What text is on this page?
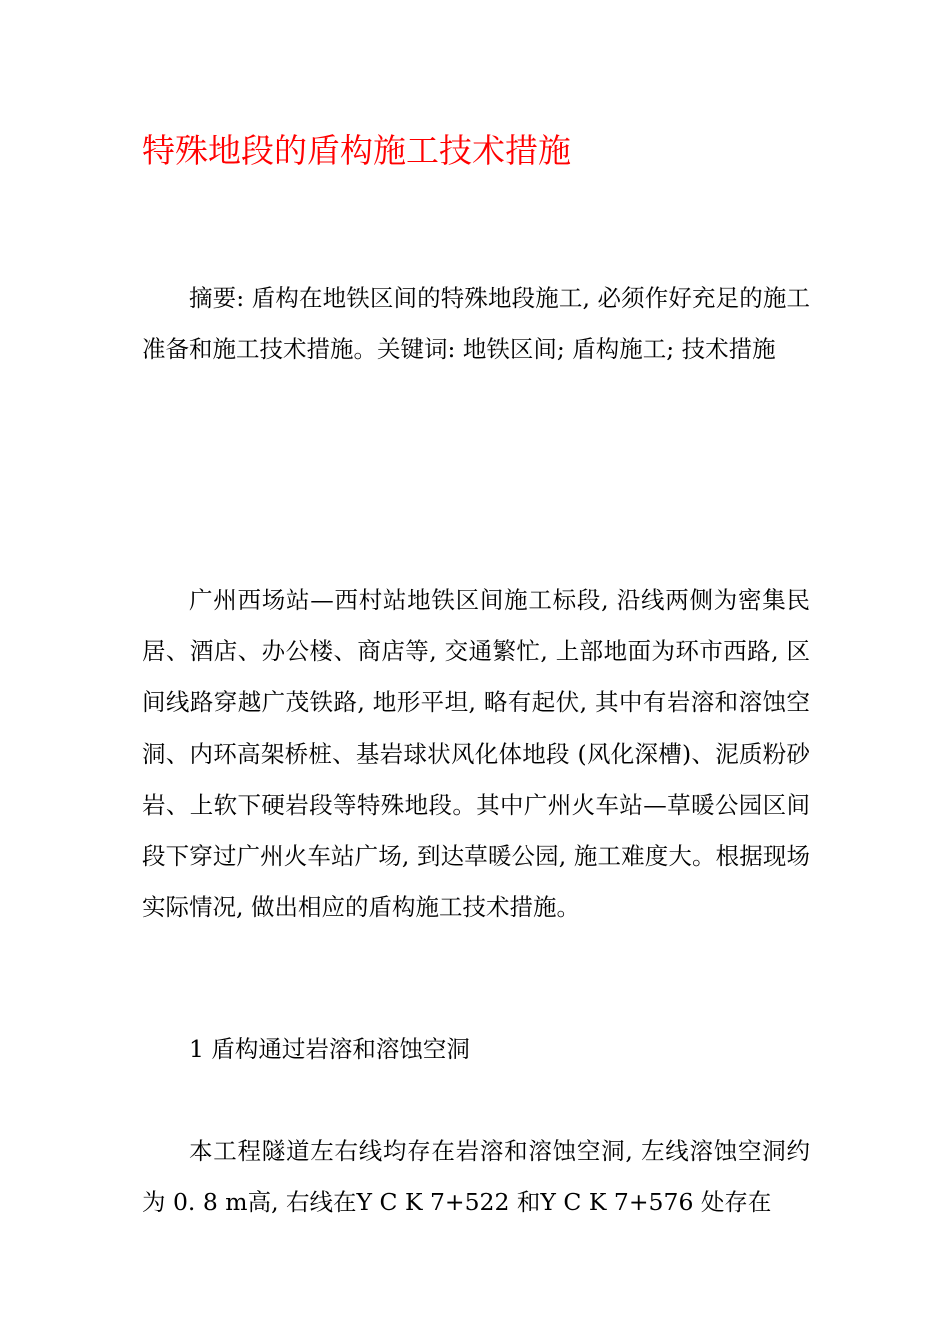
特殊地段的盾构施工技术措施

摘要: 盾构在地铁区间的特殊地段施工, 必须作好充足的施工准备和施工技术措施。关键词: 地铁区间; 盾构施工; 技术措施

广州西场站—西村站地铁区间施工标段, 沿线两侧为密集民居、酒店、办公楼、商店等, 交通繁忙, 上部地面为环市西路, 区间线路穿越广茂铁路, 地形平坦, 略有起伏, 其中有岩溶和溶蚀空洞、内环高架桥桩、基岩球状风化体地段 (风化深槽)、泥质粉砂岩、上软下硬岩段等特殊地段。其中广州火车站—草暖公园区间段下穿过广州火车站广场, 到达草暖公园, 施工难度大。根据现场实际情况, 做出相应的盾构施工技术措施。

1 盾构通过岩溶和溶蚀空洞

本工程隧道左右线均存在岩溶和溶蚀空洞, 左线溶蚀空洞约为 0. 8 m高, 右线在Y C K 7+522 和Y C K 7+576 处存在
